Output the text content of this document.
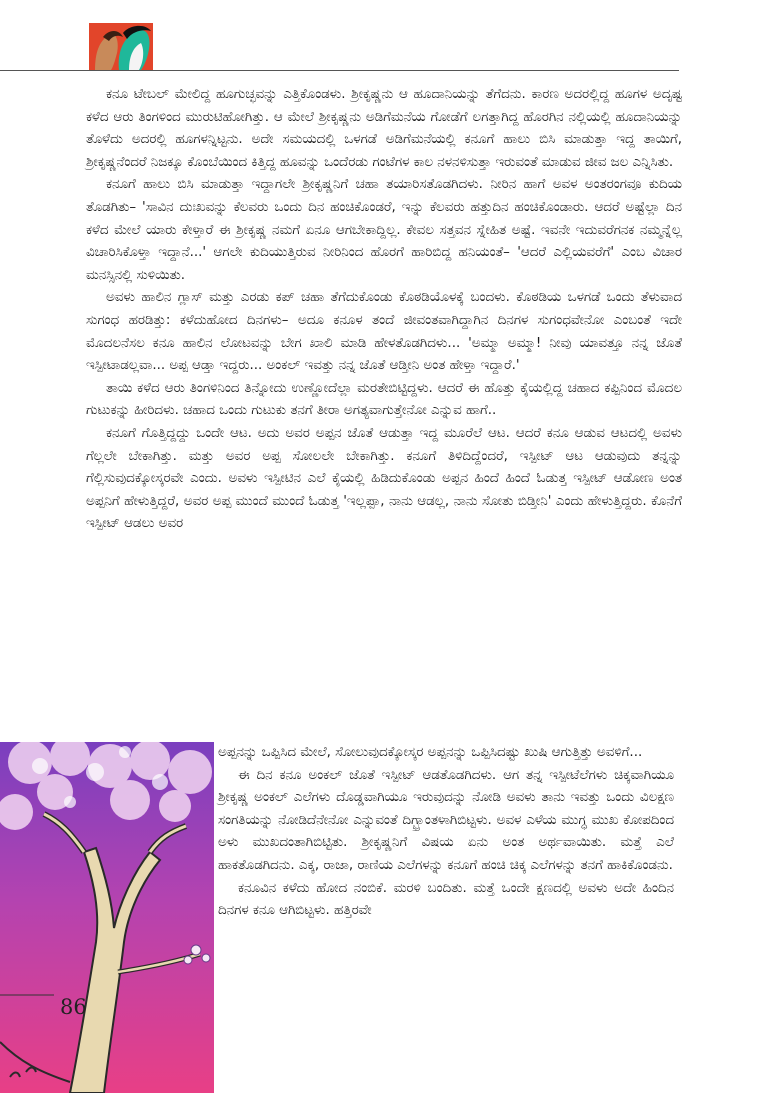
ಕನೂ ಟೇಬಲ್ ಮೇಲಿದ್ದ ಹೂಗುಚ್ಛವನ್ನು ಎತ್ತಿಕೊಂಡಳು. ಶ್ರೀಕೃಷ್ಣನು ಆ ಹೂದಾನಿಯನ್ನು ತೆಗೆದನು. ಕಾರಣ ಅದರಲ್ಲಿದ್ದ ಹೂಗಳ ಅದೃಷ್ಟ ಕಳೆದ ಆರು ತಿಂಗಳಿಂದ ಮುರುಟಿಹೋಗಿತ್ತು. ಆ ಮೇಲೆ ಶ್ರೀಕೃಷ್ಣನು ಅಡಿಗೆಮನೆಯ ಗೋಡೆಗೆ ಲಗತ್ತಾಗಿದ್ದ ಹೊರಗಿನ ನಲ್ಲಿಯಲ್ಲಿ ಹೂದಾನಿಯನ್ನು ತೊಳೆದು ಅದರಲ್ಲಿ ಹೂಗಳನ್ನಿಟ್ಟನು. ಅದೇ ಸಮಯದಲ್ಲಿ ಒಳಗಡೆ ಅಡಿಗೆಮನೆಯಲ್ಲಿ ಕನೂಗೆ ಹಾಲು ಬಿಸಿ ಮಾಡುತ್ತಾ ಇದ್ದ ತಾಯಿಗೆ, ಶ್ರೀಕೃಷ್ಣನೆಂದರೆ ನಿಜಕ್ಕೂ ಕೊಂಬೆಯಿಂದ ಕಿತ್ತಿದ್ದ ಹೂವನ್ನು ಒಂದೆರಡು ಗಂಟೆಗಳ ಕಾಲ ನಳನಳಿಸುತ್ತಾ ಇರುವಂತೆ ಮಾಡುವ ಜೀವ ಜಲ ಎನ್ನಿಸಿತು.

ಕನೂಗೆ ಹಾಲು ಬಿಸಿ ಮಾಡುತ್ತಾ ಇದ್ದಾಗಲೇ ಶ್ರೀಕೃಷ್ಣನಿಗೆ ಚಹಾ ತಯಾರಿಸತೊಡಗಿದಳು. ನೀರಿನ ಹಾಗೆ ಅವಳ ಅಂತರಂಗವೂ ಕುದಿಯ ತೊಡಗಿತು– 'ಸಾವಿನ ದುಃಖವನ್ನು ಕೆಲವರು ಒಂದು ದಿನ ಹಂಚಿಕೊಂಡರೆ, ಇನ್ನು ಕೆಲವರು ಹತ್ತುದಿನ ಹಂಚಿಕೊಂಡಾರು. ಆದರೆ ಅಷ್ಟೆಲ್ಲಾ ದಿನ ಕಳೆದ ಮೇಲೆ ಯಾರು ಕೇಳ್ತಾರೆ ಈ ಶ್ರೀಕೃಷ್ಣ ನಮಗೆ ಏನೂ ಆಗಬೇಕಾದ್ದಿಲ್ಲ. ಕೇವಲ ಸತ್ತವನ ಸ್ನೇಹಿತ ಅಷ್ಟೆ. ಇವನೇ ಇದುವರೆಗನಕ ನಮ್ಮನ್ನೆಲ್ಲ ವಿಚಾರಿಸಿಕೊಳ್ತಾ ಇದ್ದಾನೆ...' ಆಗಲೇ ಕುದಿಯುತ್ತಿರುವ ನೀರಿನಿಂದ ಹೊರಗೆ ಹಾರಿಬಿದ್ದ ಹನಿಯಂತೆ– 'ಆದರೆ ಎಲ್ಲಿಯವರೆಗೆ' ಎಂಬ ವಿಚಾರ ಮನಸ್ಸಿನಲ್ಲಿ ಸುಳಿಯಿತು.

ಅವಳು ಹಾಲಿನ ಗ್ಲಾಸ್ ಮತ್ತು ಎರಡು ಕಪ್ ಚಹಾ ತೆಗೆದುಕೊಂಡು ಕೊಠಡಿಯೊಳಕ್ಕೆ ಬಂದಳು. ಕೊಠಡಿಯ ಒಳಗಡೆ ಒಂದು ತೆಳುವಾದ ಸುಗಂಧ ಹರಡಿತ್ತು: ಕಳೆದುಹೋದ ದಿನಗಳು– ಅದೂ ಕನೂಳ ತಂದೆ ಜೀವಂತವಾಗಿದ್ದಾಗಿನ ದಿನಗಳ ಸುಗಂಧವೇನೋ ಎಂಬಂತೆ ಇದೇ ಮೊದಲನೆಸಲ ಕನೂ ಹಾಲಿನ ಲೋಟವನ್ನು ಬೇಗ ಖಾಲಿ ಮಾಡಿ ಹೇಳತೊಡಗಿದಳು... 'ಅಮ್ಮಾ ಅಮ್ಮಾ! ನೀವು ಯಾವತ್ತೂ ನನ್ನ ಜೊತೆ ಇಸ್ಪೀಟಾಡಲ್ಲವಾ... ಅಪ್ಪ ಆಡ್ತಾ ಇದ್ದರು... ಅಂಕಲ್ ಇವತ್ತು ನನ್ನ ಜೊತೆ ಆಡ್ತೀನಿ ಅಂತ ಹೇಳ್ತಾ ಇದ್ದಾರೆ.'

ತಾಯಿ ಕಳೆದ ಆರು ತಿಂಗಳಿನಿಂದ ತಿನ್ನೋದು ಉಣ್ಣೋದೆಲ್ಲಾ ಮರತೇಬಿಟ್ಟಿದ್ದಳು. ಆದರೆ ಈ ಹೊತ್ತು ಕೈಯಲ್ಲಿದ್ದ ಚಹಾದ ಕಪ್ಪಿನಿಂದ ಮೊದಲ ಗುಟುಕನ್ನು ಹೀರಿದಳು. ಚಹಾದ ಒಂದು ಗುಟುಕು ತನಗೆ ತೀರಾ ಅಗತ್ಯವಾಗುತ್ತೇನೋ ಎನ್ನುವ ಹಾಗೆ..

ಕನೂಗೆ ಗೊತ್ತಿದ್ದದ್ದು ಒಂದೇ ಆಟ. ಅದು ಅವರ ಅಪ್ಪನ ಜೊತೆ ಆಡುತ್ತಾ ಇದ್ದ ಮೂರೆಲೆ ಆಟ. ಆದರೆ ಕನೂ ಆಡುವ ಆಟದಲ್ಲಿ ಅವಳು ಗೆಲ್ಲಲೇ ಬೇಕಾಗಿತ್ತು. ಮತ್ತು ಅವರ ಅಪ್ಪ ಸೋಲಲೇ ಬೇಕಾಗಿತ್ತು. ಕನೂಗೆ ತಿಳಿದಿದ್ದೆಂದರೆ, ಇಸ್ಪೀಟ್ ಆಟ ಆಡುವುದು ತನ್ನನ್ನು ಗೆಲ್ಲಿಸುವುದಕ್ಕೋಸ್ಕರವೇ ಎಂದು. ಅವಳು ಇಸ್ಪೀಟಿನ ಎಲೆ ಕೈಯಲ್ಲಿ ಹಿಡಿದುಕೊಂಡು ಅಪ್ಪನ ಹಿಂದೆ ಹಿಂದೆ ಓಡುತ್ತ ಇಸ್ಪೀಟ್ ಆಡೋಣ ಅಂತ ಅಪ್ಪನಿಗೆ ಹೇಳುತ್ತಿದ್ದರೆ, ಅವರ ಅಪ್ಪ ಮುಂದೆ ಮುಂದೆ ಓಡುತ್ತ 'ಇಲ್ಲಪ್ಪಾ, ನಾನು ಆಡಲ್ಲ, ನಾನು ಸೋತು ಬಿಡ್ತೀನಿ' ಎಂದು ಹೇಳುತ್ತಿದ್ದರು. ಕೊನೆಗೆ ಇಸ್ಪೀಟ್ ಆಡಲು ಅವರ

86

ಅಪ್ಪನನ್ನು ಒಪ್ಪಿಸಿದ ಮೇಲೆ, ಸೋಲುವುದಕ್ಕೋಸ್ಕರ ಅಪ್ಪನನ್ನು ಒಪ್ಪಿಸಿದಷ್ಟು ಖುಷಿ ಆಗುತ್ತಿತ್ತು ಅವಳಿಗೆ...

ಈ ದಿನ ಕನೂ ಅಂಕಲ್ ಜೊತೆ ಇಸ್ಪೀಟ್ ಆಡತೊಡಗಿದಳು. ಆಗ ತನ್ನ ಇಸ್ಪೀಟೆಲೆಗಳು ಚಿಕ್ಕವಾಗಿಯೂ ಶ್ರೀಕೃಷ್ಣ ಅಂಕಲ್ ಎಲೆಗಳು ದೊಡ್ಡವಾಗಿಯೂ ಇರುವುದನ್ನು ನೋಡಿ ಅವಳು ತಾನು ಇವತ್ತು ಒಂದು ವಿಲಕ್ಷಣ ಸಂಗತಿಯನ್ನು ನೋಡಿದೆನೇನೋ ಎನ್ನುವಂತೆ ದಿಗ್ಭ್ರಾಂತಳಾಗಿಬಿಟ್ಟಳು. ಅವಳ ಎಳೆಯ ಮುಗ್ಧ ಮುಖ ಕೋಪದಿಂದ ಅಳು ಮುಖದಂತಾಗಿಬಿಟ್ಟಿತು. ಶ್ರೀಕೃಷ್ಣನಿಗೆ ವಿಷಯ ಏನು ಅಂತ ಅರ್ಥವಾಯಿತು. ಮತ್ತೆ ಎಲೆ ಹಾಕತೊಡಗಿದನು. ಎಕ್ಕ, ರಾಜಾ, ರಾಣಿಯ ಎಲೆಗಳನ್ನು ಕನೂಗೆ ಹಂಚಿ ಚಿಕ್ಕ ಎಲೆಗಳನ್ನು ತನಗೆ ಹಾಕಿಕೊಂಡನು.

ಕನೂವಿನ ಕಳೆದು ಹೋದ ನಂಬಿಕೆ. ಮರಳಿ ಬಂದಿತು. ಮತ್ತೆ ಒಂದೇ ಕ್ಷಣದಲ್ಲಿ ಅವಳು ಅದೇ ಹಿಂದಿನ ದಿನಗಳ ಕನೂ ಆಗಿಬಿಟ್ಟಳು. ಹತ್ತಿರವೇ
